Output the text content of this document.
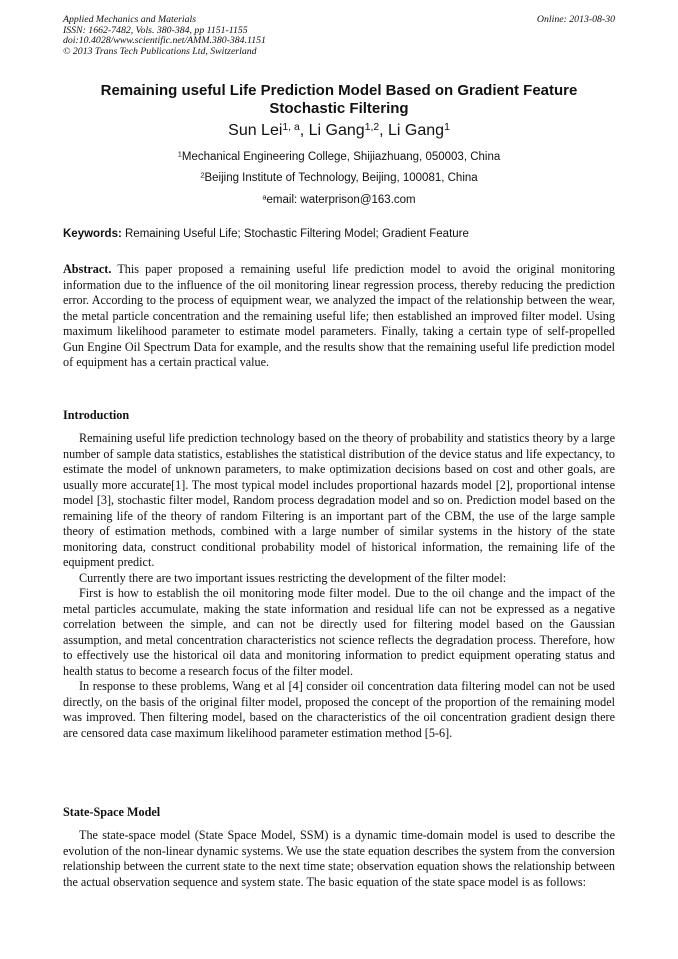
Applied Mechanics and Materials
ISSN: 1662-7482, Vols. 380-384, pp 1151-1155
doi:10.4028/www.scientific.net/AMM.380-384.1151
© 2013 Trans Tech Publications Ltd, Switzerland
Online: 2013-08-30
Remaining useful Life Prediction Model Based on Gradient Feature
Stochastic Filtering
Sun Lei$^{1, a}$, Li Gang$^{1,2}$, Li Gang$^1$
$^1$Mechanical Engineering College, Shijiazhuang, 050003, China
$^2$Beijing Institute of Technology, Beijing, 100081, China
$^a$email: waterprison@163.com
Keywords: Remaining Useful Life; Stochastic Filtering Model; Gradient Feature

Abstract. This paper proposed a remaining useful life prediction model to avoid the original monitoring information due to the influence of the oil monitoring linear regression process, thereby reducing the prediction error. According to the process of equipment wear, we analyzed the impact of the relationship between the wear, the metal particle concentration and the remaining useful life; then established an improved filter model. Using maximum likelihood parameter to estimate model parameters. Finally, taking a certain type of self-propelled Gun Engine Oil Spectrum Data for example, and the results show that the remaining useful life prediction model of equipment has a certain practical value.

Introduction

Remaining useful life prediction technology based on the theory of probability and statistics theory by a large number of sample data statistics, establishes the statistical distribution of the device status and life expectancy, to estimate the model of unknown parameters, to make optimization decisions based on cost and other goals, are usually more accurate[1]. The most typical model includes proportional hazards model [2], proportional intense model [3], stochastic filter model, Random process degradation model and so on. Prediction model based on the remaining life of the theory of random Filtering is an important part of the CBM, the use of the large sample theory of estimation methods, combined with a large number of similar systems in the history of the state monitoring data, construct conditional probability model of historical information, the remaining life of the equipment predict.

Currently there are two important issues restricting the development of the filter model:

First is how to establish the oil monitoring mode filter model. Due to the oil change and the impact of the metal particles accumulate, making the state information and residual life can not be expressed as a negative correlation between the simple, and can not be directly used for filtering model based on the Gaussian assumption, and metal concentration characteristics not science reflects the degradation process. Therefore, how to effectively use the historical oil data and monitoring information to predict equipment operating status and health status to become a research focus of the filter model.

In response to these problems, Wang et al [4] consider oil concentration data filtering model can not be used directly, on the basis of the original filter model, proposed the concept of the proportion of the remaining model was improved. Then filtering model, based on the characteristics of the oil concentration gradient design there are censored data case maximum likelihood parameter estimation method [5-6].

State-Space Model

The state-space model (State Space Model, SSM) is a dynamic time-domain model is used to describe the evolution of the non-linear dynamic systems. We use the state equation describes the system from the conversion relationship between the current state to the next time state; observation equation shows the relationship between the actual observation sequence and system state. The basic equation of the state space model is as follows:
